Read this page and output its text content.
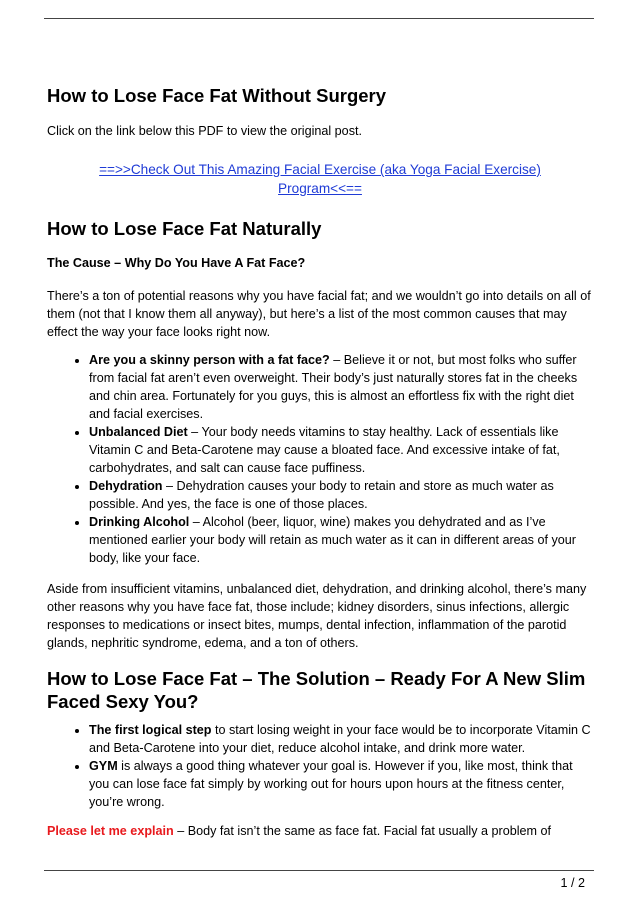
How to Lose Face Fat Without Surgery

Click on the link below this PDF to view the original post.

==>>Check Out This Amazing Facial Exercise (aka Yoga Facial Exercise) Program<<==
How to Lose Face Fat Naturally

The Cause – Why Do You Have A Fat Face?

There’s a ton of potential reasons why you have facial fat; and we wouldn’t go into details on all of them (not that I know them all anyway), but here’s a list of the most common causes that may effect the way your face looks right now.

• Are you a skinny person with a fat face? – Believe it or not, but most folks who suffer from facial fat aren’t even overweight. Their body’s just naturally stores fat in the cheeks and chin area. Fortunately for you guys, this is almost an effortless fix with the right diet and facial exercises.
• Unbalanced Diet – Your body needs vitamins to stay healthy. Lack of essentials like Vitamin C and Beta-Carotene may cause a bloated face. And excessive intake of fat, carbohydrates, and salt can cause face puffiness.
• Dehydration – Dehydration causes your body to retain and store as much water as possible. And yes, the face is one of those places.
• Drinking Alcohol – Alcohol (beer, liquor, wine) makes you dehydrated and as I’ve mentioned earlier your body will retain as much water as it can in different areas of your body, like your face.

Aside from insufficient vitamins, unbalanced diet, dehydration, and drinking alcohol, there’s many other reasons why you have face fat, those include; kidney disorders, sinus infections, allergic responses to medications or insect bites, mumps, dental infection, inflammation of the parotid glands, nephritic syndrome, edema, and a ton of others.

How to Lose Face Fat – The Solution – Ready For A New Slim Faced Sexy You?
• The first logical step to start losing weight in your face would be to incorporate Vitamin C and Beta-Carotene into your diet, reduce alcohol intake, and drink more water.
• GYM is always a good thing whatever your goal is. However if you, like most, think that you can lose face fat simply by working out for hours upon hours at the fitness center, you’re wrong.

Please let me explain – Body fat isn’t the same as face fat. Facial fat usually a problem of

1 / 2
